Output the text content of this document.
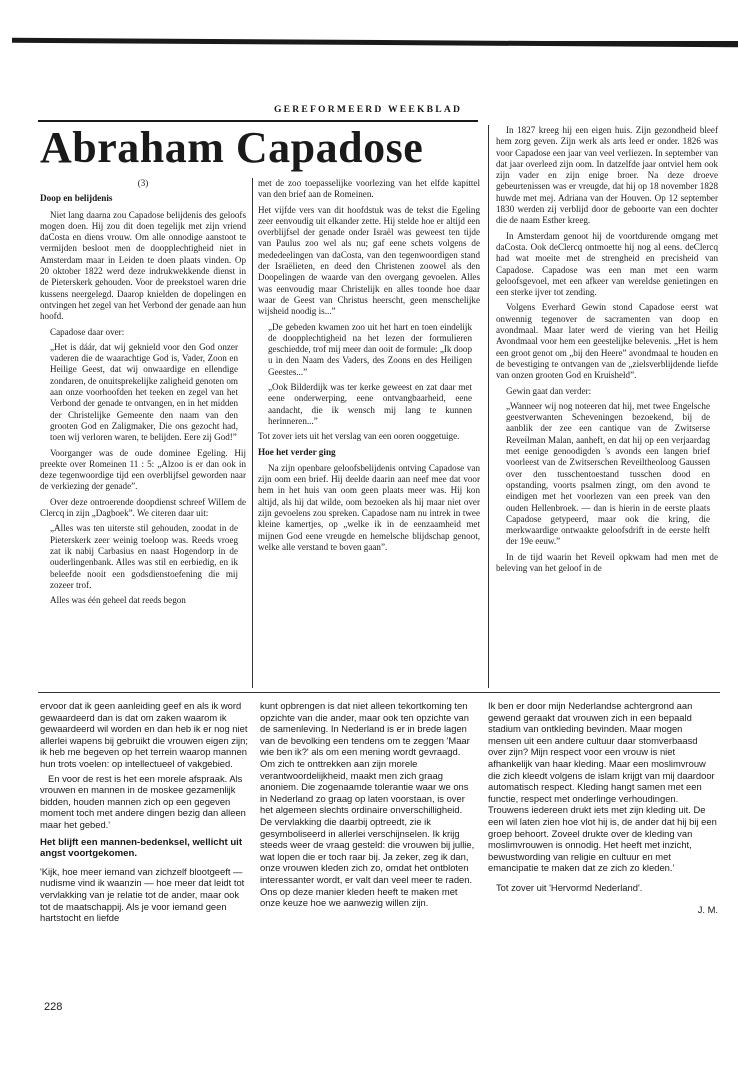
GEREFORMEERD WEEKBLAD
Abraham Capadose
(3)
Doop en belijdenis

Niet lang daarna zou Capadose belijdenis des geloofs mogen doen. Hij zou dit doen tegelijk met zijn vriend daCosta en diens vrouw. Om alle onnodige aanstoot te vermijden besloot men de doopplechtigheid niet in Amsterdam maar in Leiden te doen plaats vinden. Op 20 oktober 1822 werd deze indrukwekkende dienst in de Pieterskerk gehouden. Voor de preekstoel waren drie kussens neergelegd. Daarop knielden de dopelingen en ontvingen het zegel van het Verbond der genade aan hun hoofd.

Capadose daar over:

„Het is dáár, dat wij geknield voor den God onzer vaderen die de waarachtige God is, Vader, Zoon en Heilige Geest, dat wij onwaardige en ellendige zondaren, de onuitsprekelijke zaligheid genoten om aan onze voorhoofden het teeken en zegel van het Verbond der genade te ontvangen, en in het midden der Christelijke Gemeente den naam van den grooten God en Zaligmaker, Die ons gezocht had, toen wij verloren waren, te belijden. Eere zij God!”

Voorganger was de oude dominee Egeling. Hij preekte over Romeinen 11 : 5: „Alzoo is er dan ook in deze tegenwoordige tijd een overblijfsel geworden naar de verkiezing der genade”.

Over deze ontroerende doopdienst schreef Willem de Clercq in zijn „Dagboek”. We citeren daar uit:

„Alles was ten uiterste stil gehouden, zoodat in de Pieterskerk zeer weinig toeloop was. Reeds vroeg zat ik nabij Carbasius en naast Hogendorp in de ouderlingenbank. Alles was stil en eerbiedig, en ik beleefde nooit een godsdienstoefening die mij zozeer trof.

Alles was één geheel dat reeds begon

met de zoo toepasselijke voorlezing van het elfde kapittel van den brief aan de Romeinen.

Het vijfde vers van dit hoofdstuk was de tekst die Egeling zeer eenvoudig uit elkander zette. Hij stelde hoe er altijd een overblijfsel der genade onder Israël was geweest ten tijde van Paulus zoo wel als nu; gaf eene schets volgens de mededeelingen van daCosta, van den tegenwoordigen stand der Israëlieten, en deed den Christenen zoowel als den Doopelingen de waarde van den overgang gevoelen. Alles was eenvoudig maar Christelijk en alles toonde hoe daar waar de Geest van Christus heerscht, geen menschelijke wijsheid noodig is...”

„De gebeden kwamen zoo uit het hart en toen eindelijk de doopplechtigheid na het lezen der formulieren geschiedde, trof mij meer dan ooit de formule: „Ik doop u in den Naam des Vaders, des Zoons en des Heiligen Geestes...”

„Ook Bilderdijk was ter kerke geweest en zat daar met eene onderwerping, eene ontvangbaarheid, eene aandacht, die ik wensch mij lang te kunnen herinneren...”

Tot zover iets uit het verslag van een ooren ooggetuige.

Hoe het verder ging

Na zijn openbare geloofsbelijdenis ontving Capadose van zijn oom een brief. Hij deelde daarin aan neef mee dat voor hem in het huis van oom geen plaats meer was. Hij kon altijd, als hij dat wilde, oom bezoeken als hij maar niet over zijn gevoelens zou spreken. Capadose nam nu intrek in twee kleine kamertjes, op „welke ik in de eenzaamheid met mijnen God eene vreugde en hemelsche blijdschap genoot, welke alle verstand te boven gaan”.

In 1827 kreeg hij een eigen huis. Zijn gezondheid bleef hem zorg geven. Zijn werk als arts leed er onder. 1826 was voor Capadose een jaar van veel verliezen. In september van dat jaar overleed zijn oom. In datzelfde jaar ontviel hem ook zijn vader en zijn enige broer. Na deze droeve gebeurtenissen was er vreugde, dat hij op 18 november 1828 huwde met mej. Adriana van der Houven. Op 12 september 1830 werden zij verblijd door de geboorte van een dochter die de naam Esther kreeg.

In Amsterdam genoot hij de voortdurende omgang met daCosta. Ook deClercq ontmoette hij nog al eens. deClercq had wat moeite met de strengheid en precisheid van Capadose. Capadose was een man met een warm geloofsgevoel, met een afkeer van wereldse genietingen en een sterke ijver tot zending.

Volgens Everhard Gewin stond Capadose eerst wat onwennig tegenover de sacramenten van doop en avondmaal. Maar later werd de viering van het Heilig Avondmaal voor hem een geestelijke belevenis. „Het is hem een groot genot om „bij den Heere” avondmaal te houden en de bevestiging te ontvangen van de „zielsverblijdende liefde van onzen grooten God en Kruisheld”.

Gewin gaat dan verder:

„Wanneer wij nog noteeren dat hij, met twee Engelsche geestverwanten Scheveningen bezoekend, bij de aanblik der zee een cantique van de Zwitserse Reveilman Malan, aanheft, en dat hij op een verjaardag met eenige genoodigden 's avonds een langen brief voorleest van de Zwitserschen Reveiltheoloog Gaussen over den tusschentoestand tusschen dood en opstanding, voorts psalmen zingt, om den avond te eindigen met het voorlezen van een preek van den ouden Hellenbroek. — dan is hierin in de eerste plaats Capadose getypeerd, maar ook die kring, die merkwaardige ontwaakte geloofsdrift in de eerste helft der 19e eeuw.”

In de tijd waarin het Reveil opkwam had men met de beleving van het geloof in de

ervoor dat ik geen aanleiding geef en als ik word gewaardeerd dan is dat om zaken waarom ik gewaardeerd wil worden en dan heb ik er nog niet allerlei wapens bij gebruikt die vrouwen eigen zijn; ik heb me begeven op het terrein waarop mannen hun trots voelen: op intellectueel of vakgebied.

En voor de rest is het een morele afspraak. Als vrouwen en mannen in de moskee gezamenlijk bidden, houden mannen zich op een gegeven moment toch met andere dingen bezig dan alleen maar het gebed.'

Het blijft een mannen-bedenksel, wellicht uit angst voortgekomen.

'Kijk, hoe meer iemand van zichzelf blootgeeft — nudisme vind ik waanzin — hoe meer dat leidt tot vervlakking van je relatie tot de ander, maar ook tot de maatschappij. Als je voor iemand geen hartstocht en liefde

kunt opbrengen is dat niet alleen tekortkoming ten opzichte van die ander, maar ook ten opzichte van de samenleving. In Nederland is er in brede lagen van de bevolking een tendens om te zeggen 'Maar wie ben ik?' als om een mening wordt gevraagd. Om zich te onttrekken aan zijn morele verantwoordelijkheid, maakt men zich graag anoniem. Die zogenaamde tolerantie waar we ons in Nederland zo graag op laten voorstaan, is over het algemeen slechts ordinaire onverschilligheid. De vervlakking die daarbij optreedt, zie ik gesymboliseerd in allerlei verschijnselen. Ik krijg steeds weer de vraag gesteld: die vrouwen bij jullie, wat lopen die er toch raar bij. Ja zeker, zeg ik dan, onze vrouwen kleden zich zo, omdat het ontbloten interessanter wordt, er valt dan veel meer te raden. Ons op deze manier kleden heeft te maken met onze keuze hoe we aanwezig willen zijn.

Ik ben er door mijn Nederlandse achtergrond aan gewend geraakt dat vrouwen zich in een bepaald stadium van ontkleding bevinden. Maar mogen mensen uit een andere cultuur daar stomverbaasd over zijn? Mijn respect voor een vrouw is niet afhankelijk van haar kleding. Maar een moslimvrouw die zich kleedt volgens de islam krijgt van mij daardoor automatisch respect. Kleding hangt samen met een functie, respect met onderlinge verhoudingen. Trouwens iedereen drukt iets met zijn kleding uit. De een wil laten zien hoe vlot hij is, de ander dat hij bij een groep behoort. Zoveel drukte over de kleding van moslimvrouwen is onnodig. Het heeft met inzicht, bewustwording van religie en cultuur en met emancipatie te maken dat ze zich zo kleden.'

Tot zover uit 'Hervormd Nederland'.

J. M.

228
